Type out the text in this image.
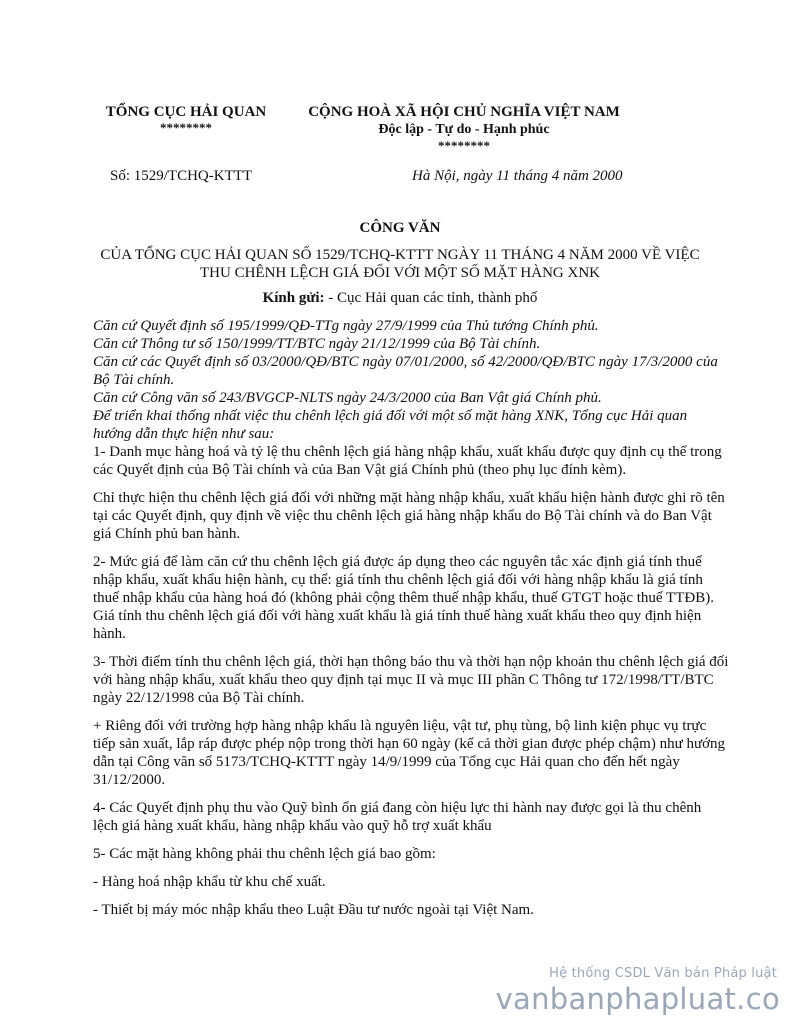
TỔNG CỤC HẢI QUAN
********
CỘNG HOÀ XÃ HỘI CHỦ NGHĨA VIỆT NAM
Độc lập - Tự do - Hạnh phúc
********
Số: 1529/TCHQ-KTTT	Hà Nội, ngày 11 tháng 4 năm 2000
CÔNG VĂN
CỦA TỔNG CỤC HẢI QUAN SỐ 1529/TCHQ-KTTT NGÀY 11 THÁNG 4 NĂM 2000 VỀ VIỆC THU CHÊNH LỆCH GIÁ ĐỐI VỚI MỘT SỐ MẶT HÀNG XNK
Kính gửi: - Cục Hải quan các tỉnh, thành phố

Căn cứ Quyết định số 195/1999/QĐ-TTg ngày 27/9/1999 của Thủ tướng Chính phủ.

Căn cứ Thông tư số 150/1999/TT/BTC ngày 21/12/1999 của Bộ Tài chính.

Căn cứ các Quyết định số 03/2000/QĐ/BTC ngày 07/01/2000, số 42/2000/QĐ/BTC ngày 17/3/2000 của Bộ Tài chính.

Căn cứ Công văn số 243/BVGCP-NLTS ngày 24/3/2000 của Ban Vật giá Chính phủ.

Để triển khai thống nhất việc thu chênh lệch giá đối với một số mặt hàng XNK, Tổng cục Hải quan hướng dẫn thực hiện như sau:

1- Danh mục hàng hoá và tỷ lệ thu chênh lệch giá hàng nhập khẩu, xuất khẩu được quy định cụ thể trong các Quyết định của Bộ Tài chính và của Ban Vật giá Chính phủ (theo phụ lục đính kèm).

Chỉ thực hiện thu chênh lệch giá đối với những mặt hàng nhập khẩu, xuất khẩu hiện hành được ghi rõ tên tại các Quyết định, quy định về việc thu chênh lệch giá hàng nhập khẩu do Bộ Tài chính và do Ban Vật giá Chính phủ ban hành.

2- Mức giá để làm căn cứ thu chênh lệch giá được áp dụng theo các nguyên tắc xác định giá tính thuế nhập khẩu, xuất khẩu hiện hành, cụ thể: giá tính thu chênh lệch giá đối với hàng nhập khẩu là giá tính thuế nhập khẩu của hàng hoá đó (không phải cộng thêm thuế nhập khẩu, thuế GTGT hoặc thuế TTĐB). Giá tính thu chênh lệch giá đối với hàng xuất khẩu là giá tính thuế hàng xuất khẩu theo quy định hiện hành.

3- Thời điểm tính thu chênh lệch giá, thời hạn thông báo thu và thời hạn nộp khoản thu chênh lệch giá đối với hàng nhập khẩu, xuất khẩu theo quy định tại mục II và mục III phần C Thông tư 172/1998/TT/BTC ngày 22/12/1998 của Bộ Tài chính.

+ Riêng đối với trường hợp hàng nhập khẩu là nguyên liệu, vật tư, phụ tùng, bộ linh kiện phục vụ trực tiếp sản xuất, lắp ráp được phép nộp trong thời hạn 60 ngày (kể cả thời gian được phép chậm) như hướng dẫn tại Công văn số 5173/TCHQ-KTTT ngày 14/9/1999 của Tổng cục Hải quan cho đến hết ngày 31/12/2000.

4- Các Quyết định phụ thu vào Quỹ bình ổn giá đang còn hiệu lực thi hành nay được gọi là thu chênh lệch giá hàng xuất khẩu, hàng nhập khẩu vào quỹ hỗ trợ xuất khẩu

5- Các mặt hàng không phải thu chênh lệch giá bao gồm:

- Hàng hoá nhập khẩu từ khu chế xuất.

- Thiết bị máy móc nhập khẩu theo Luật Đầu tư nước ngoài tại Việt Nam.

Hệ thống CSDL Văn bản Pháp luật
vanbanphapluat.co
